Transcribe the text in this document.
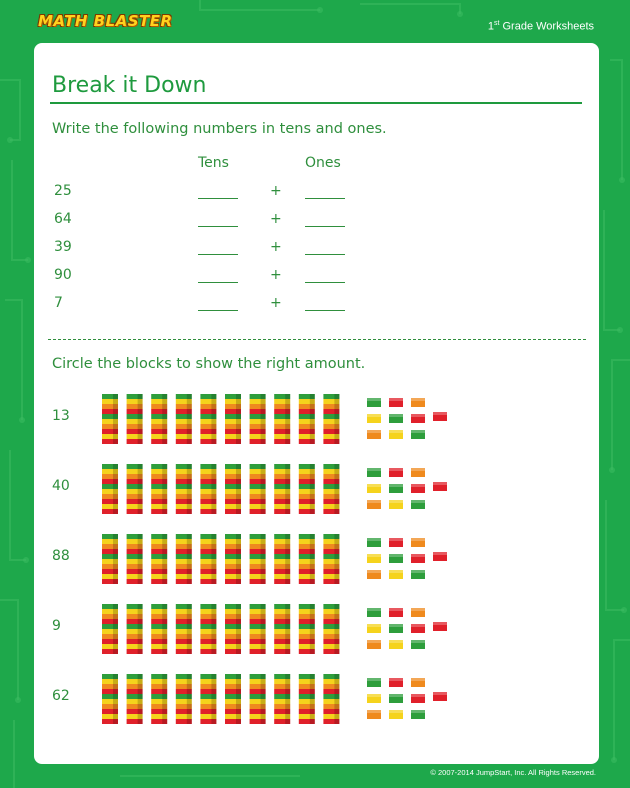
MATH BLASTER	1st Grade Worksheets
Break it Down
Write the following numbers in tens and ones.
Tens	Ones
25	+
64	+
39	+
90	+
7	+
Circle the blocks to show the right amount.
13
40
88
9
62
© 2007-2014 JumpStart, Inc. All Rights Reserved.
